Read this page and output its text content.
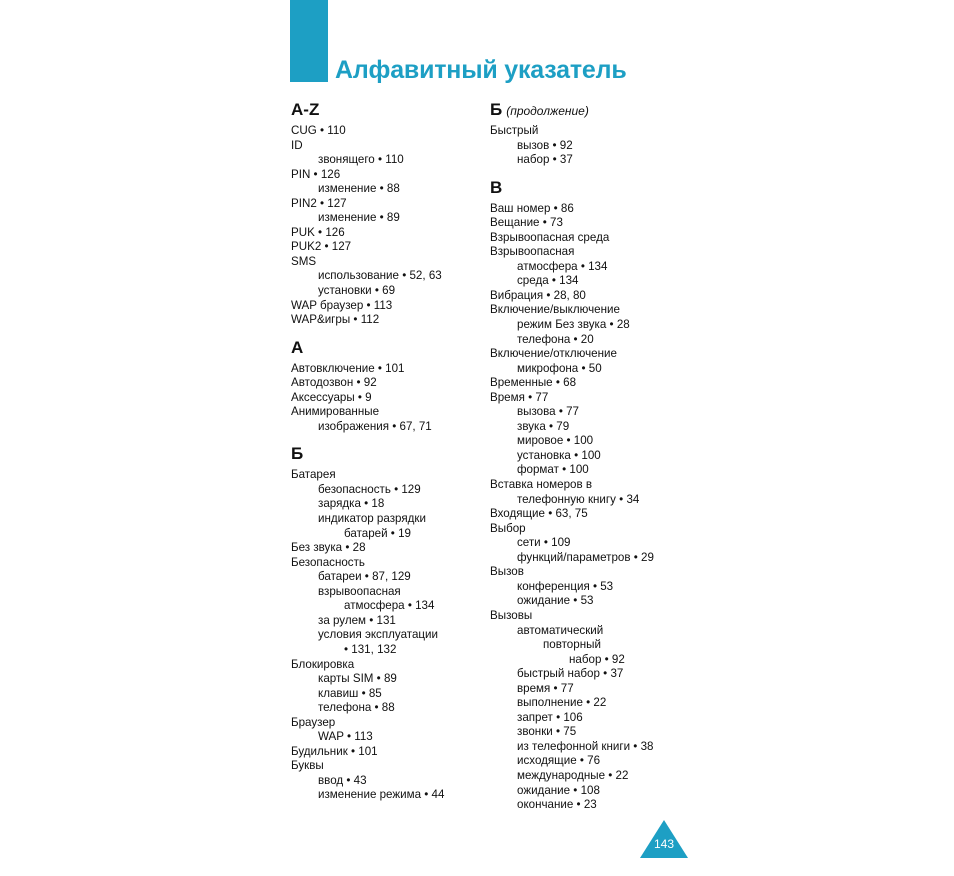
Алфавитный указатель
A-Z
CUG • 110
ID
звонящего • 110
PIN • 126
изменение • 88
PIN2 • 127
изменение • 89
PUK • 126
PUK2 • 127
SMS
использование • 52, 63
установки • 69
WAP браузер • 113
WAP&игры • 112
А
Автовключение • 101
Автодозвон • 92
Аксессуары • 9
Анимированные
изображения • 67, 71
Б
Батарея
безопасность • 129
зарядка • 18
индикатор разрядки
батарей • 19
Без звука • 28
Безопасность
батареи • 87, 129
взрывоопасная
атмосфера • 134
за рулем • 131
условия эксплуатации
• 131, 132
Блокировка
карты SIM • 89
клавиш • 85
телефона • 88
Браузер
WAP • 113
Будильник • 101
Буквы
ввод • 43
изменение режима • 44
Б (продолжение)
Быстрый
вызов • 92
набор • 37
В
Ваш номер • 86
Вещание • 73
Взрывоопасная среда
Взрывоопасная
атмосфера • 134
среда • 134
Вибрация • 28, 80
Включение/выключение
режим Без звука • 28
телефона • 20
Включение/отключение
микрофона • 50
Временные • 68
Время • 77
вызова • 77
звука • 79
мировое • 100
установка • 100
формат • 100
Вставка номеров в
телефонную книгу • 34
Входящие • 63, 75
Выбор
сети • 109
функций/параметров • 29
Вызов
конференция • 53
ожидание • 53
Вызовы
автоматический
повторный
набор • 92
быстрый набор • 37
время • 77
выполнение • 22
запрет • 106
звонки • 75
из телефонной книги • 38
исходящие • 76
международные • 22
ожидание • 108
окончание • 23
143
